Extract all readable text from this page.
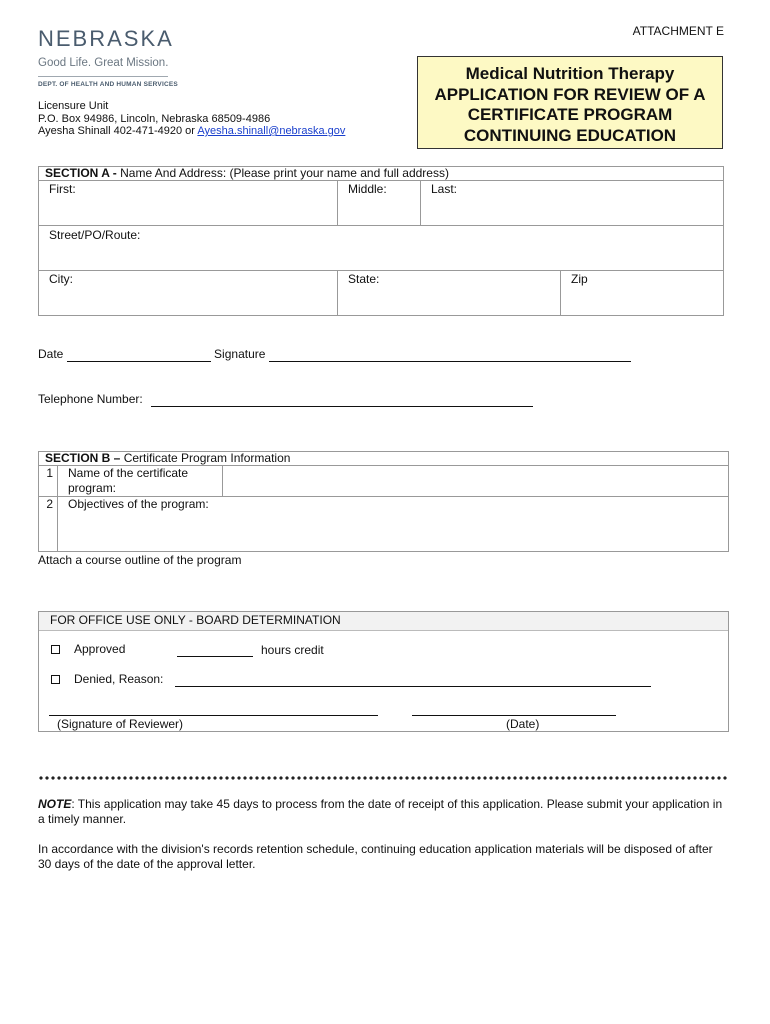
ATTACHMENT E
NEBRASKA
Good Life. Great Mission.
DEPT. OF HEALTH AND HUMAN SERVICES
Licensure Unit
P.O. Box 94986, Lincoln, Nebraska 68509-4986
Ayesha Shinall 402-471-4920 or Ayesha.shinall@nebraska.gov
Medical Nutrition Therapy
APPLICATION FOR REVIEW OF A
CERTIFICATE PROGRAM
CONTINUING EDUCATION
SECTION A - Name And Address: (Please print your name and full address)			
First:	Middle:	Last:	
Street/PO/Route:			
City:	State:		Zip
Date	Signature
Telephone Number:
SECTION B – Certificate Program Information		
1	Name of the certificate program:	
2	Objectives of the program:	
Attach a course outline of the program
FOR OFFICE USE ONLY - BOARD DETERMINATION
Approved
	hours credit
Denied, Reason:

(Signature of Reviewer)	(Date)
NOTE: This application may take 45 days to process from the date of receipt of this application. Please submit your application in a timely manner.
In accordance with the division's records retention schedule, continuing education application materials will be disposed of after 30 days of the date of the approval letter.
